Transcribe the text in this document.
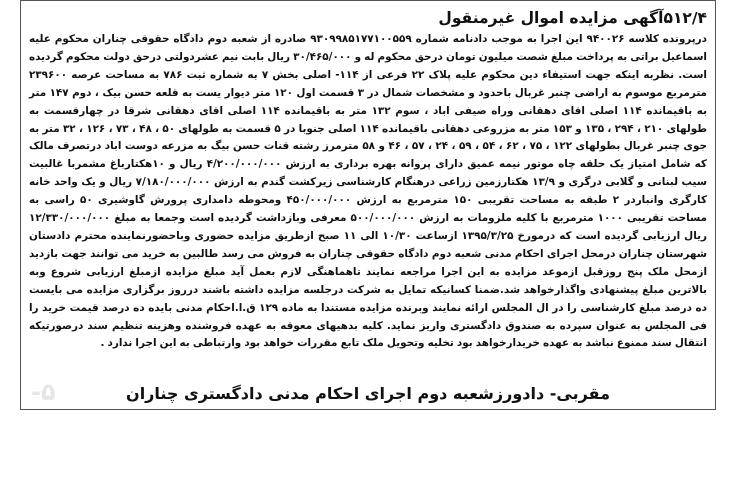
۵۱۲/۴آگهی مزایده اموال غیرمنقول
درپرونده کلاسه ۹۴۰۰۲۶ این اجرا به موجب دادنامه شماره ۹۳۰۹۹۸۵۱۷۷۱۰۰۵۵۹ صادره از شعبه دوم دادگاه حقوقی چناران محکوم علیه اسماعیل براتی به پرداخت مبلغ شصت میلیون تومان درحق محکوم له و ۳۰/۴۶۵/۰۰۰ ریال بابت نیم عشردولتی درحق دولت محکوم گردیده است. نظربه اینکه جهت استیفاء دین محکوم علیه پلاک ۲۲ فرعی از ۱۱۴- اصلی بخش ۷ به شماره ثبت ۷۸۶ به مساحت عرصه ۲۳۹۶۰۰ مترمربع موسوم به اراضی چنبر غربال باحدود و مشخصات شمال در ۳ قسمت اول ۱۲۰ متر دیوار یست به قلعه حسن بیک ، دوم ۱۴۷ متر به باقیمانده ۱۱۴ اصلی اقای دهقانی وراه صیفی اباد ، سوم ۱۳۲ متر به باقیمانده ۱۱۴ اصلی اقای دهقانی شرقا در چهارقسمت به طولهای ۲۱۰ ، ۲۹۴ ، ۱۳۵ و ۱۵۳ متر به مزروعی دهقانی باقیمانده ۱۱۴ اصلی جنوبا در ۵ قسمت به طولهای ۵۰ ، ۴۸ ، ۷۳ ، ۱۲۶ ، ۳۲ متر به جوی چنبر غربال بطولهای ۱۲۲ ، ۷۵ ، ۶۲ ، ۵۴ ، ۵۹ ، ۲۴ ، ۵۷ ، ۴۶ و ۵۸ مترمرز رشته قنات حسن بیگ به مزرعه دوست اباد درتصرف مالک که شامل امتیاز یک حلقه چاه موتور نیمه عمیق دارای پروانه بهره برداری به ارزش ۴/۲۰۰/۰۰۰/۰۰۰ ریال و ۱۰هکتارباغ مشمربا غالبیت سیب لبنانی و گلابی درگری و ۱۳/۹ هکتارزمین زراعی درهنگام کارشناسی زیرکشت گندم به ارزش ۷/۱۸۰/۰۰۰/۰۰۰ ریال و یک واحد خانه کارگری وانباردر ۲ طبقه به مساحت تقریبی ۱۵۰ مترمربع به ارزش ۴۵۰/۰۰۰/۰۰۰ ومحوطه دامداری پرورش گاوشیری ۵۰ راسی به مساحت تقریبی ۱۰۰۰ مترمربع با کلیه ملزومات به ارزش ۵۰۰/۰۰۰/۰۰۰ معرفی وبازداشت گردیده است وجمعا به مبلغ ۱۲/۳۳۰/۰۰۰/۰۰۰ ریال ارزیابی گردیده است که درمورخ ۱۳۹۵/۳/۲۵ ازساعت ۱۰/۳۰ الی ۱۱ صبح ازطریق مزایده حضوری وباحضورنماینده محترم دادستان شهرستان چناران درمحل اجرای احکام مدنی شعبه دوم دادگاه حقوقی چناران به فروش می رسد طالبین به خرید می توانند جهت بازدید ازمحل ملک پنج روزقبل ازموعد مزایده به این اجرا مراجعه نمایند تاهماهنگی لازم بعمل آید مبلغ مزایده ازمبلغ ارزیابی شروع وبه بالاترین مبلغ پیشنهادی واگذارخواهد شد.ضمنا کسانیکه تمایل به شرکت درجلسه مزایده داشته باشند درروز برگزاری مزایده می بایست ده درصد مبلغ کارشناسی را در ال المجلس ارائه نمایند وبرنده مزایده مستندا به ماده ۱۲۹ ق.ا.احکام مدنی بایده ده درصد قیمت خرید را فی المجلس به عنوان سپرده به صندوق دادگستری واریز نماید. کلیه بدهیهای معوقه به عهده فروشنده وهزینه تنظیم سند درصورتیکه انتقال سند ممنوع نباشد به عهده خریدارخواهد بود تخلیه وتحویل ملک تابع مقررات خواهد بود وارتباطی به این اجرا ندارد .
۵-	مقربی- دادورزشعبه دوم اجرای احکام مدنی دادگستری چناران
